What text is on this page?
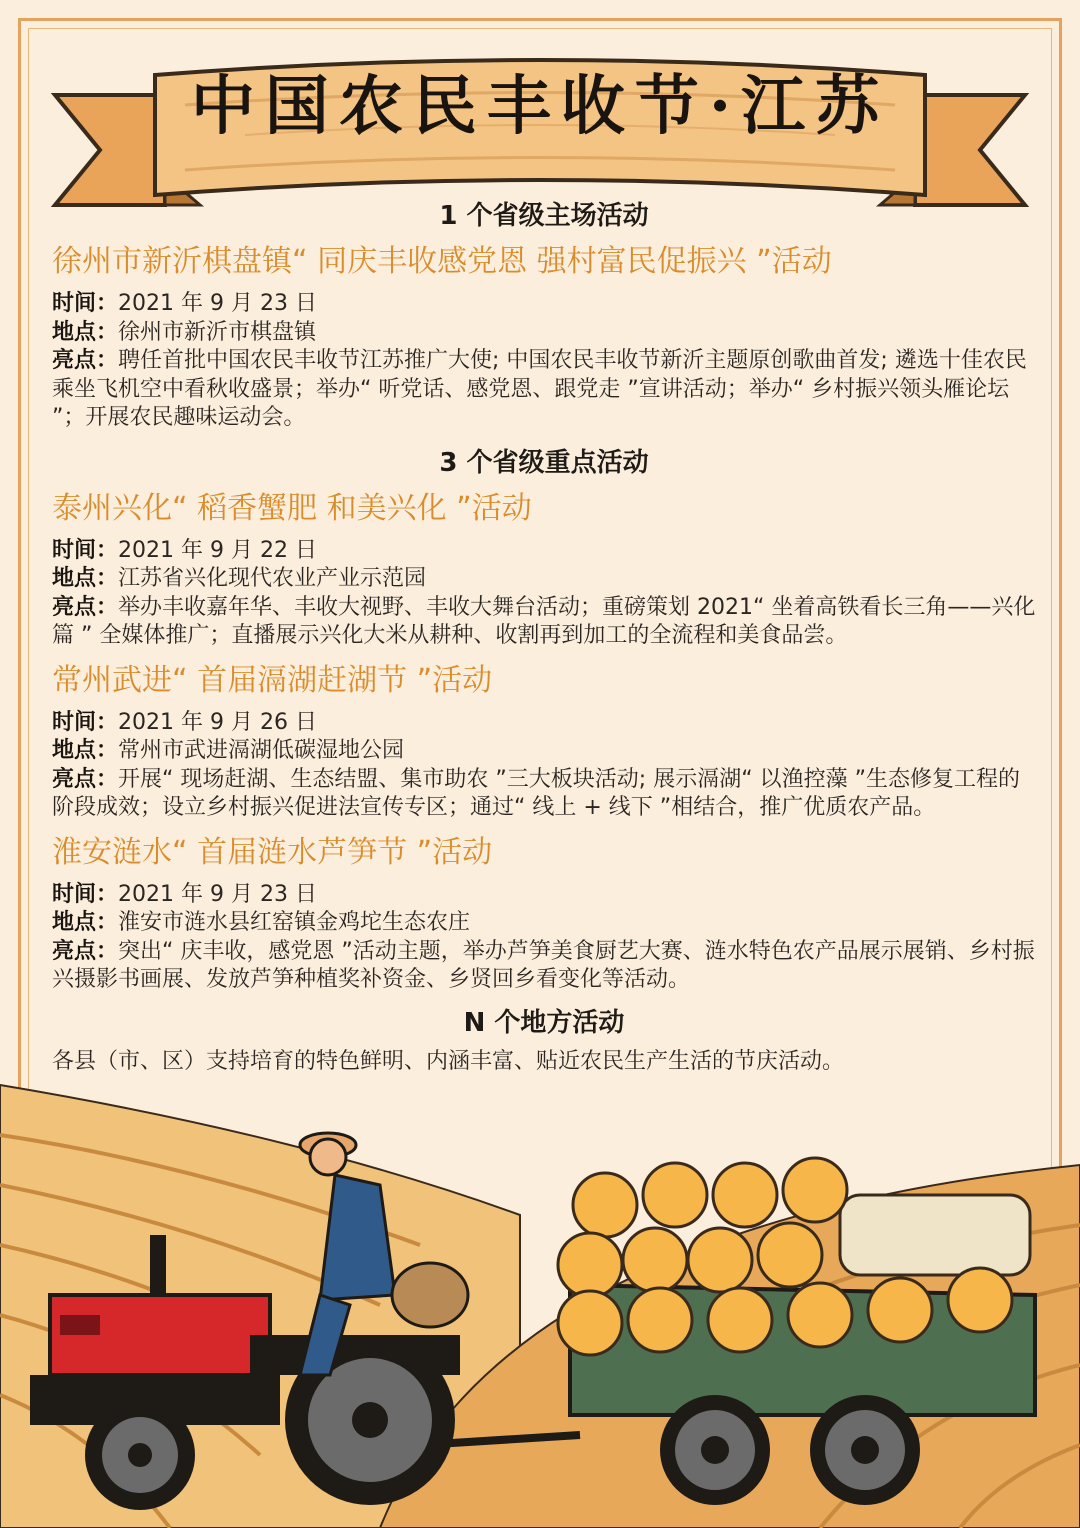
中国农民丰收节·江苏
1 个省级主场活动
徐州市新沂棋盘镇“ 同庆丰收感党恩 强村富民促振兴 ”活动
时间：2021 年 9 月 23 日
地点：徐州市新沂市棋盘镇
亮点：聘任首批中国农民丰收节江苏推广大使; 中国农民丰收节新沂主题原创歌曲首发; 遴选十佳农民乘坐飞机空中看秋收盛景；举办“ 听党话、感党恩、跟党走 ”宣讲活动；举办“ 乡村振兴领头雁论坛 ”；开展农民趣味运动会。
3 个省级重点活动
泰州兴化“ 稻香蟹肥 和美兴化 ”活动
时间：2021 年 9 月 22 日
地点：江苏省兴化现代农业产业示范园
亮点：举办丰收嘉年华、丰收大视野、丰收大舞台活动；重磅策划 2021“ 坐着高铁看长三角——兴化篇 ” 全媒体推广；直播展示兴化大米从耕种、收割再到加工的全流程和美食品尝。
常州武进“ 首届滆湖赶湖节 ”活动
时间：2021 年 9 月 26 日
地点：常州市武进滆湖低碳湿地公园
亮点：开展“ 现场赶湖、生态结盟、集市助农 ”三大板块活动; 展示滆湖“ 以渔控藻 ”生态修复工程的阶段成效；设立乡村振兴促进法宣传专区；通过“ 线上 + 线下 ”相结合，推广优质农产品。
淮安涟水“ 首届涟水芦笋节 ”活动
时间：2021 年 9 月 23 日
地点：淮安市涟水县红窑镇金鸡坨生态农庄
亮点：突出“ 庆丰收，感党恩 ”活动主题，举办芦笋美食厨艺大赛、涟水特色农产品展示展销、乡村振兴摄影书画展、发放芦笋种植奖补资金、乡贤回乡看变化等活动。
N 个地方活动
各县（市、区）支持培育的特色鲜明、内涵丰富、贴近农民生产生活的节庆活动。
